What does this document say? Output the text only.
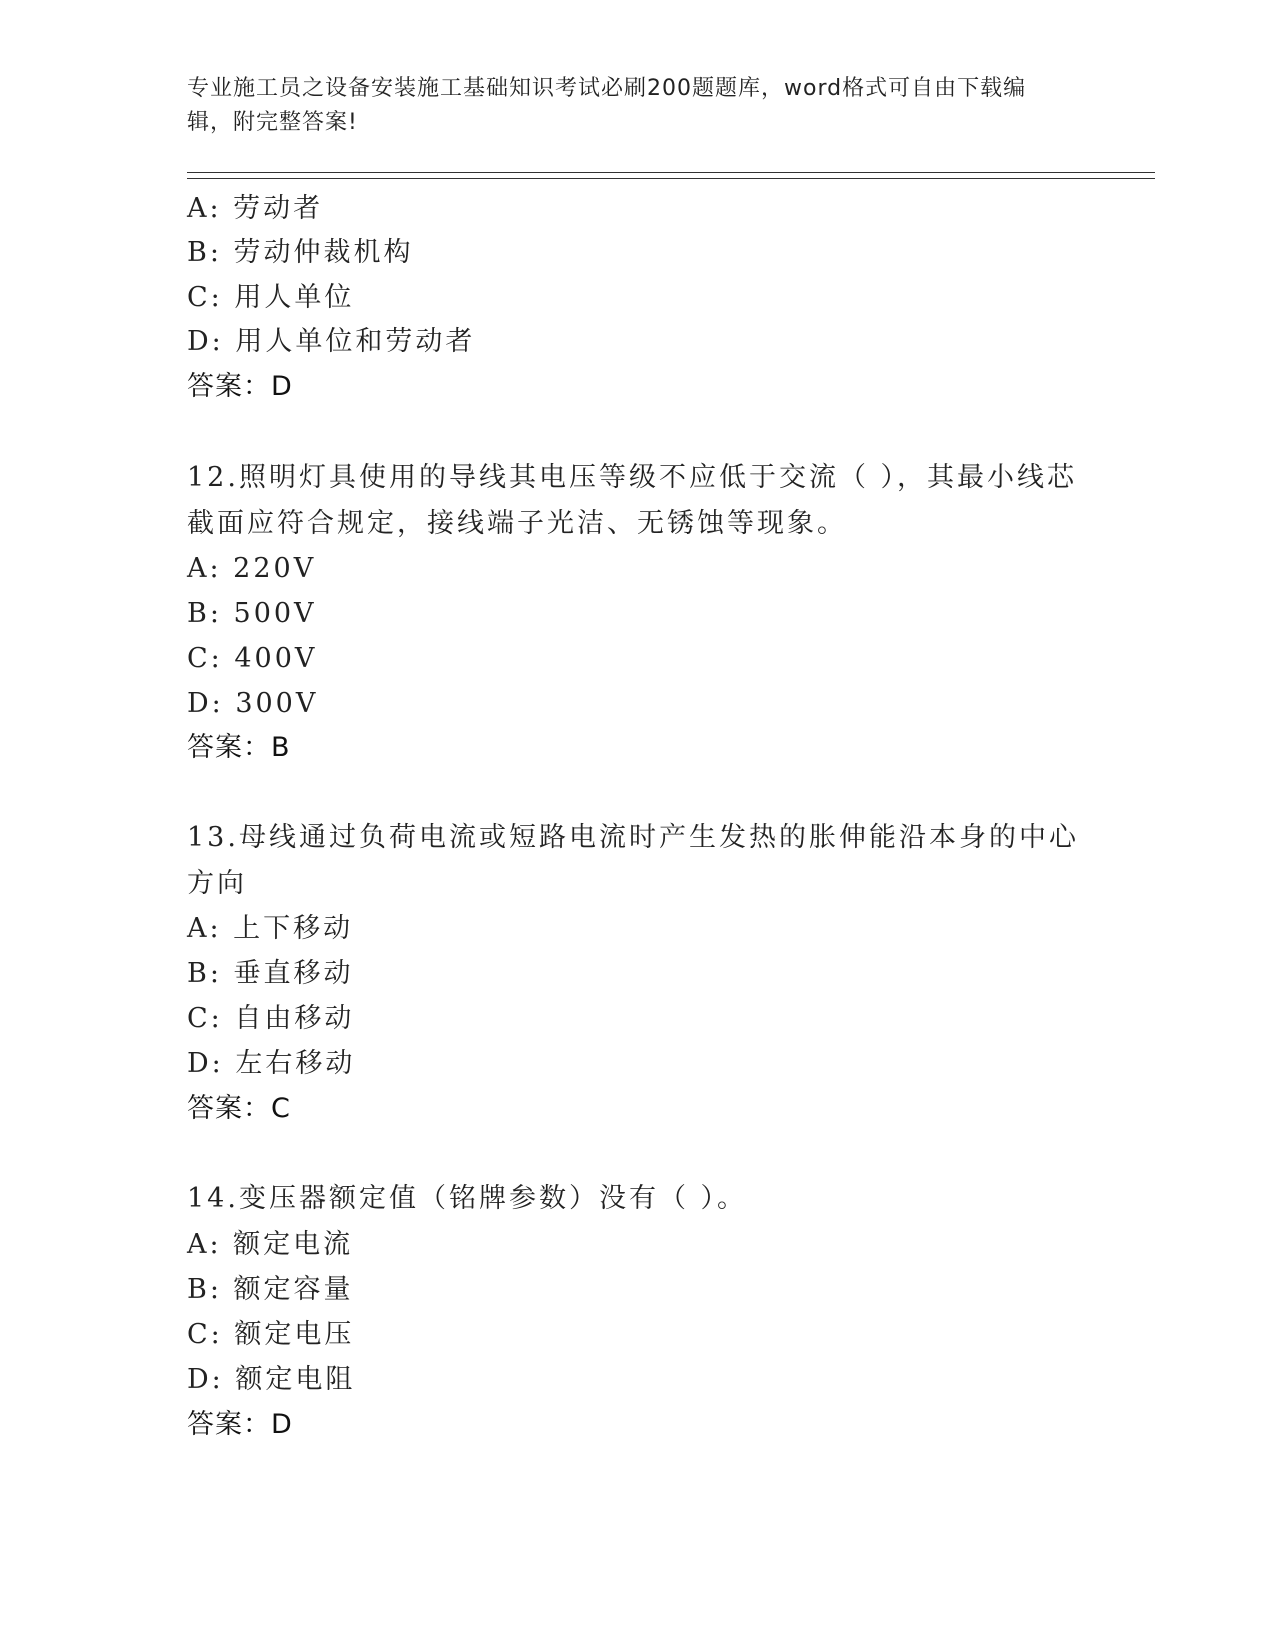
专业施工员之设备安装施工基础知识考试必刷200题题库，word格式可自由下载编辑，附完整答案!
A: 劳动者
B: 劳动仲裁机构
C: 用人单位
D: 用人单位和劳动者
答案：D
12.照明灯具使用的导线其电压等级不应低于交流（ ），其最小线芯截面应符合规定，接线端子光洁、无锈蚀等现象。
A: 220V
B: 500V
C: 400V
D: 300V
答案：B
13.母线通过负荷电流或短路电流时产生发热的胀伸能沿本身的中心方向
A: 上下移动
B: 垂直移动
C: 自由移动
D: 左右移动
答案：C
14.变压器额定值（铭牌参数）没有（ ）。
A: 额定电流
B: 额定容量
C: 额定电压
D: 额定电阻
答案：D
